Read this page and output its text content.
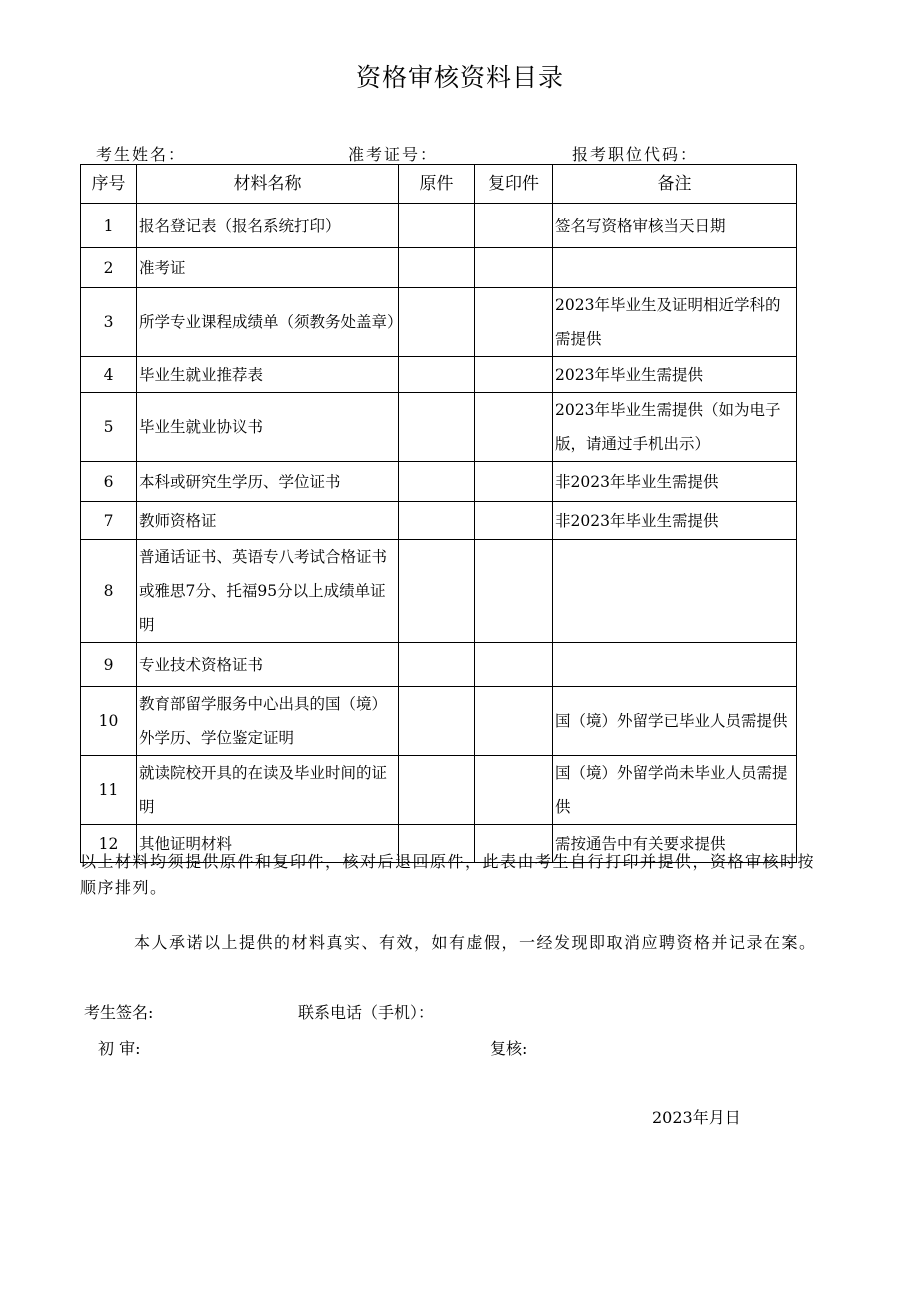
资格审核资料目录
考生姓名：	准考证号：	报考职位代码：
序号	材料名称	原件	复印件	备注
1	报名登记表（报名系统打印）			签名写资格审核当天日期
2	准考证			
3	所学专业课程成绩单（须教务处盖章）			2023年毕业生及证明相近学科的需提供
4	毕业生就业推荐表			2023年毕业生需提供
5	毕业生就业协议书			2023年毕业生需提供（如为电子版，请通过手机出示）
6	本科或研究生学历、学位证书			非2023年毕业生需提供
7	教师资格证			非2023年毕业生需提供
8	普通话证书、英语专八考试合格证书或雅思7分、托福95分以上成绩单证明			
9	专业技术资格证书			
10	教育部留学服务中心出具的国（境）外学历、学位鉴定证明			国（境）外留学已毕业人员需提供
11	就读院校开具的在读及毕业时间的证明			国（境）外留学尚未毕业人员需提供
12	其他证明材料			需按通告中有关要求提供
以上材料均须提供原件和复印件，核对后退回原件，此表由考生自行打印并提供，资格审核时按顺序排列。
本人承诺以上提供的材料真实、有效，如有虚假，一经发现即取消应聘资格并记录在案。
考生签名:	联系电话（手机）：
初 审:	复核:
2023年月日
